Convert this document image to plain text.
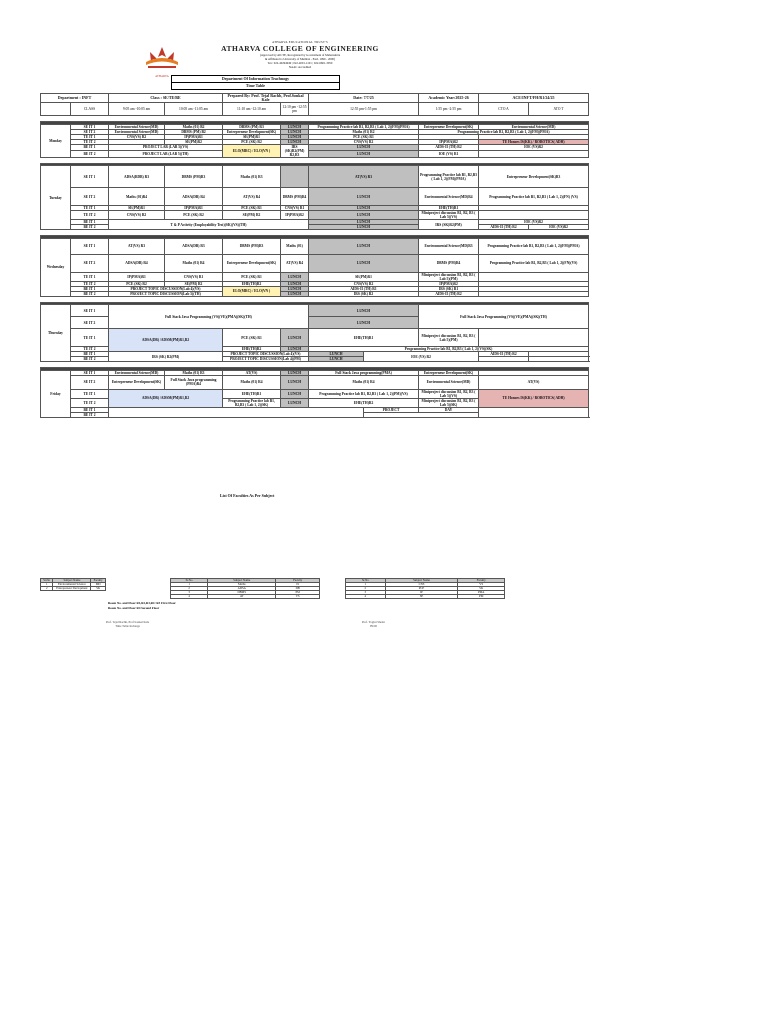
ATHARVA
ATHARVA EDUCATIONAL TRUST'S
ATHARVA COLLEGE OF ENGINEERING
(Approved by AICTE, Recognized by Government of Maharashtra
& Affiliated to University of Mumbai - Estd. 1999 - 2000)
Tel.: 022-40294949 | 022-4001-1101 | 022-6601-3050
NAAC Accredited
Department Of Information Teachnogy
Time Table
Department : INFT		Class : SE/TE/BE		Prepared By: Prof. Tejal Rachh, Prof.Sonkal Kale		Date: 7/7/25		Academic Year:2025-26	ACE/INFT/FH/R1/24/25	
	CLASS	9:05 am -10:05 am	10:05 am -11:05 am	11:10 am -12:10 am	12:10 pm -12:55 pm	12:55 pm-1:55 pm		1:55 pm -2:55 pm	CTO A	ATO T

Monday	SE IT 1	Environmental Science(MD)	Maths (01) B2	DBMS (PM) R3	LUNCH	Programming Practice lab B1, B2,B3 ( Lab 1, 2)(FM)(PMA)		Entrepreneur Development(SK)	Environmental Science(MD)	
	SE IT 2	Environmental Science(MD)	DBMS (PM) B2	Entrepreneur Development(SK)	LUNCH	Maths (01) R2		Programming Practice lab B1, B2,B3 ( Lab 1, 2)(FM)(PMA)		
	TE IT 1	CNS(VS) R2	IP(PMA)R1	SE(PM)R1	LUNCH	PCE (SK) R1				
	TE IT 2		SE(PM)R2	PCE (SK) R2	LUNCH	CNS(VS) R2		IP(PMA)R2	TE Honors IS(KK) / ROBOTICS( ADH)	
	BE IT 1	PROJECT LAB (LAB 5)(VS)		ELO(MRC) / ELO(VN )	IRS (SK)R2(PM) R2,R3	LUNCH		AIDS-II (TH) R2	IOE (VS)R2	
	BE IT 2	PROJECT LAB (LAB 5)(TH)				LUNCH		IOE (VS) R1		

Tuesday	SE IT 1	ADSA(RDB) R3	DBMS (PM)R3	Maths (01) R3		AT(VS) R3		Programming Practice lab B1, B2,B3 ( Lab 1, 2)(FM)(PMA)	Entrepreneur Development(SK)R3	
	SE IT 2	Maths (01)R4	ADSA(DB) R4	AT(VS) R4	DBMS (PM)R4	LUNCH		Environmental Science(MD)R4	Programming Practice lab B1, B2,B3 ( Lab 1, 2)(FN) (VS)	
	TE IT 1	SE(PM)R1	IP(PMA)R1	PCE (SK) R1	CNS(VS) R1	LUNCH		EHE(TH)R1		
	TE IT 2	CNS(VS) R2	PCE (SK) R2	SE(PM) R2	IP(PMA)R2	LUNCH		Miniproject discussion B1, B2, B3 ( Lab 5)(VS)		
	BE IT 1	T & P Activity (Employability Test)(SK)(VS)(TH)				LUNCH		IRS (SK)R2(PM)	IOE (VS)R2	
	BE IT 2					LUNCH			AIDS-II (TH) R2	IOE (VS)R2

Wednesday	SE IT 1	AT(VS) R3	ADSA(DB) R3	DBMS (PM)R3	Maths (01)	LUNCH		Environmental Science(MD)R3	Programming Practice lab B1, B2,B3 ( Lab 1, 2)(FM)(PMA)	
	SE IT 2	ADSA(DB) R4	Maths (01) R4	Entrepreneur Development(SK)	AT(VS) R4	LUNCH		DBMS (PM)R4	Programming Practice lab B1, B2,B3 ( Lab 1, 2)(FN)(VS)	
	TE IT 1	IP(PMA)R1	CNS(VS) R1	PCE (SK) R1	LUNCH	SE(PM)R1		Miniproject discussion B1, B2, B3 ( Lab 5)(PM)		
	TE IT 2	PCE (SK) R2	SE(PM) R2	EHE(TH)R2	LUNCH	CNS(VS) R2		IP(PMA)R2		
	BE IT 1	PROJECT TOPIC DISCUSSION(Lab 4)(VS)		ELO(MRC) / ELO(VN )	LUNCH	AIDS-II (TH) R1		IRS (SK) R1		
	BE IT 2	PROJECT TOPIC DISCUSSION(Lab 5)(TH)			LUNCH	IRS (SK) R2		AIDS-II (TH) R2		

Thursday	SE IT 1	Full Stack Java Programming (VS)(VE)(PMA)(SK)(TH)				LUNCH		Full Stack Java Programming (VS)(VE)(PMA)(SK)(TH)		
	SE IT 2					LUNCH				
	TE IT 1	ADSA(DB) /ADSM(PM)R1,R2		PCE (SK) R1	LUNCH	EHE(TH)R1		Miniproject discussion B1, B2, B3 ( Lab 5)(PM)		
	TE IT 2			EHE(TH)R2	LUNCH	Programming Practice lab B1, B2,B3 ( Lab 1, 2)(VS)(SK)				
	BE IT 1	IRS (SK) R2(PM)		PROJECT TOPIC DISCUSSION(Lab 4)(VS)		LUNCH	IOE (VS) R2		AIDS-II (TH) R2	
	BE IT 2			PROJECT TOPIC DISCUSSION(Lab 4)(PM)		LUNCH				

Friday	SE IT 1	Environmental Science(MD)	Maths (01) R3	AT(VS)	LUNCH	Full Stack Java programming(PMA)		Entrepreneur Development(SK)		
	SE IT 2	Entrepreneur Development(SK)	Full Stack Java programming (PMA)R4	Maths (01) R4	LUNCH	Maths (01) R4		Environmental Science(MD)	AT(VS)	
	TE IT 1	ADSA(DB) /ADSM(PM)R1,R2		EHE(TH)R1	LUNCH	Programming Practice lab B1, B2,B3 ( Lab 1, 2)(PM)(VS)		Miniproject discussion B1, B2, B3 ( Lab 5)(VS)	TE Honors IS(KK) / ROBOTICS( ADH)	
	TE IT 2			Programming Practice lab B1, B2,B3 ( Lab 1, 2)(SK)	LUNCH	EHE(TH)R2		Miniproject discussion B1, B2, B3 ( Lab 5)(SK)		
	BE IT 1						PROJECT	DAY		
	BE IT 2									
List Of Faculties As Per Subject
Sr.No	Subject Name	Faculty
1	Environmental Science	MD
2	Entrepreneur Devlopment	SK
Sr.No	Subject Name	Faculty
1	Maths	01
2	ADSA	DB
3	DBMS	PM
4	AT	VS
Sr.No	Subject Name	Faculty
1	CNS	VS
2	PCE	SK
3	IP	PMA
4	SE	PM
Room No. and Floor R1,R2,R3,R4 :R3 First Floor
Room No. and Floor R4 Second Floor
Prof. Tejal Rachh, Prof.Sonkal Kale
Time Table Incharge
Prof. Yogini Shelar
HOD
